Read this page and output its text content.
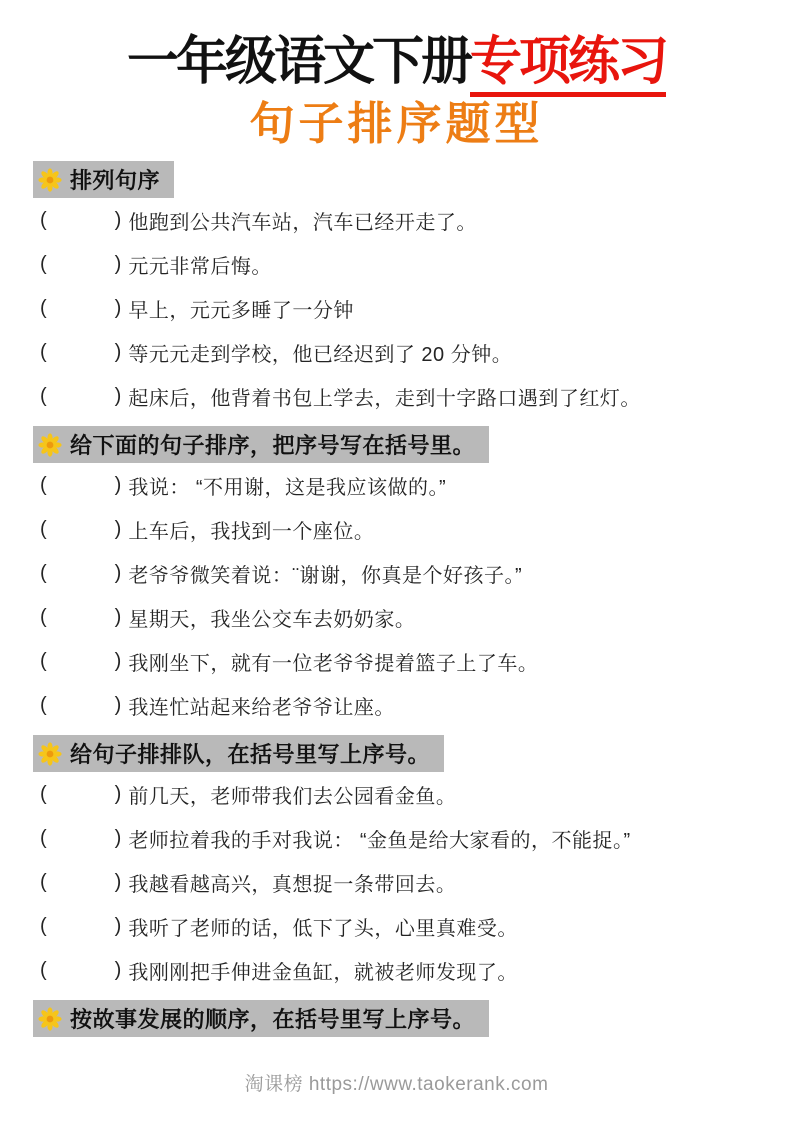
一年级语文下册专项练习
句子排序题型
排列句序
(	) 他跑到公共汽车站，汽车已经开走了。
(	) 元元非常后悔。
(	) 早上，元元多睡了一分钟
(	) 等元元走到学校，他已经迟到了 20 分钟。
(	) 起床后，他背着书包上学去，走到十字路口遇到了红灯。
给下面的句子排序，把序号写在括号里。
(	) 我说： “不用谢，这是我应该做的。”
(	) 上车后，我找到一个座位。
(	) 老爷爷微笑着说：¨谢谢，你真是个好孩子。”
(	) 星期天，我坐公交车去奶奶家。
(	) 我刚坐下，就有一位老爷爷提着篮子上了车。
(	) 我连忙站起来给老爷爷让座。
给句子排排队，在括号里写上序号。
(	) 前几天，老师带我们去公园看金鱼。
(	) 老师拉着我的手对我说： “金鱼是给大家看的，不能捉。”
(	) 我越看越高兴，真想捉一条带回去。
(	) 我听了老师的话，低下了头，心里真难受。
(	) 我刚刚把手伸进金鱼缸，就被老师发现了。
按故事发展的顺序，在括号里写上序号。
淘课榜 https://www.taokerank.com
